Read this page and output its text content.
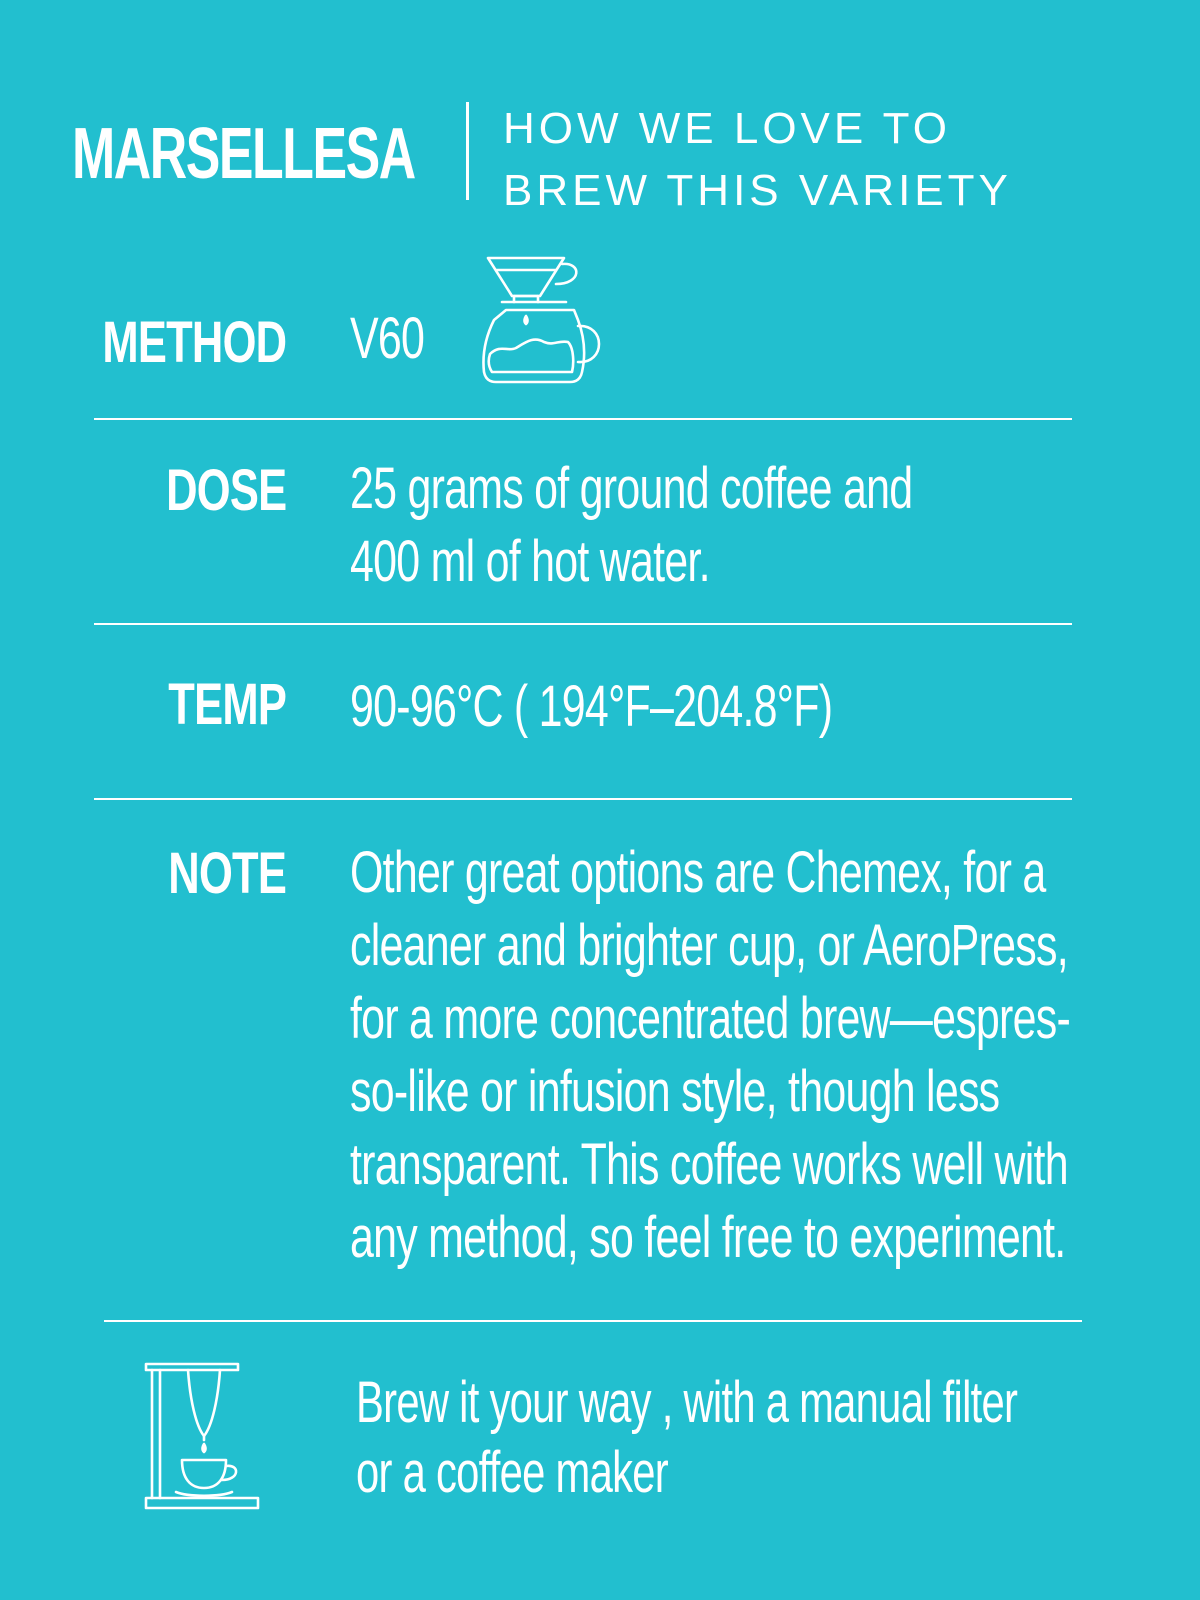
MARSELLESA HOW WE LOVE TO
BREW THIS VARIETY
METHOD V60
DOSE 25 grams of ground coffee and
400 ml of hot water.
TEMP 90-96°C ( 194°F–204.8°F)
NOTE Other great options are Chemex, for a
cleaner and brighter cup, or AeroPress,
for a more concentrated brew—espres-
so-like or infusion style, though less
transparent. This coffee works well with
any method, so feel free to experiment.
Brew it your way , with a manual filter
or a coffee maker
